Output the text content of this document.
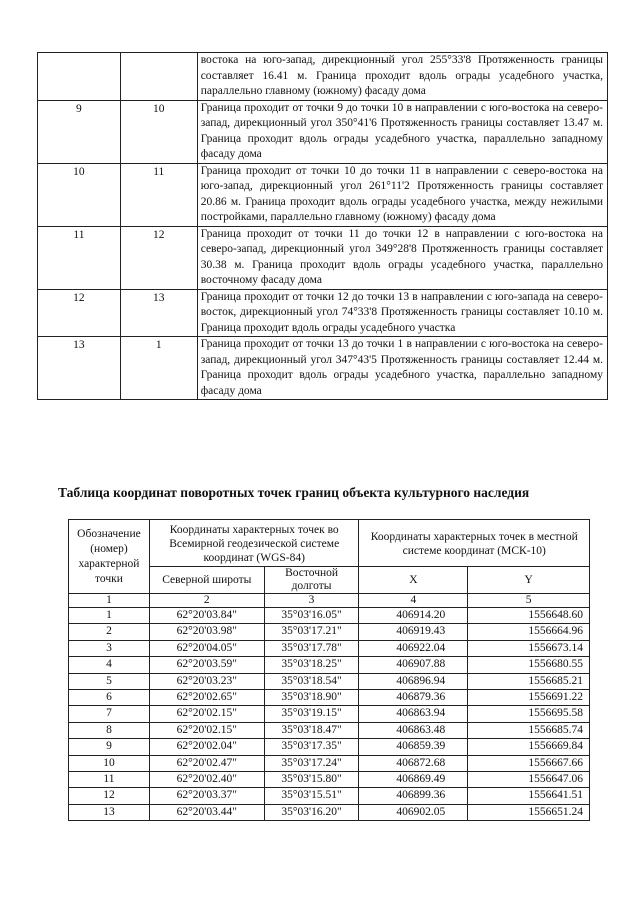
		востока на юго-запад, дирекционный угол 255°33'8 Протяженность границы составляет 16.41 м. Граница проходит вдоль ограды усадебного участка, параллельно главному (южному) фасаду дома
9	10	Граница проходит от точки 9 до точки 10 в направлении с юго-востока на северо-запад, дирекционный угол 350°41'6 Протяженность границы составляет 13.47 м. Граница проходит вдоль ограды усадебного участка, параллельно западному фасаду дома
10	11	Граница проходит от точки 10 до точки 11 в направлении с северо-востока на юго-запад, дирекционный угол 261°11'2 Протяженность границы составляет 20.86 м. Граница проходит вдоль ограды усадебного участка, между нежилыми постройками, параллельно главному (южному) фасаду дома
11	12	Граница проходит от точки 11 до точки 12 в направлении с юго-востока на северо-запад, дирекционный угол 349°28'8 Протяженность границы составляет 30.38 м. Граница проходит вдоль ограды усадебного участка, параллельно восточному фасаду дома
12	13	Граница проходит от точки 12 до точки 13 в направлении с юго-запада на северо-восток, дирекционный угол 74°33'8 Протяженность границы составляет 10.10 м. Граница проходит вдоль ограды усадебного участка
13	1	Граница проходит от точки 13 до точки 1 в направлении с юго-востока на северо-запад, дирекционный угол 347°43'5 Протяженность границы составляет 12.44 м. Граница проходит вдоль ограды усадебного участка, параллельно западному фасаду дома
Таблица координат поворотных точек границ объекта культурного наследия
Обозначение (номер) характерной точки	Координаты характерных точек во Всемирной геодезической системе координат (WGS-84)		Координаты характерных точек в местной системе координат (МСК-10)	
	Северной широты	Восточной долготы	X	Y
1	2	3	4	5
1	62°20'03.84"	35°03'16.05"	406914.20	1556648.60
2	62°20'03.98"	35°03'17.21"	406919.43	1556664.96
3	62°20'04.05"	35°03'17.78"	406922.04	1556673.14
4	62°20'03.59"	35°03'18.25"	406907.88	1556680.55
5	62°20'03.23"	35°03'18.54"	406896.94	1556685.21
6	62°20'02.65"	35°03'18.90"	406879.36	1556691.22
7	62°20'02.15"	35°03'19.15"	406863.94	1556695.58
8	62°20'02.15"	35°03'18.47"	406863.48	1556685.74
9	62°20'02.04"	35°03'17.35"	406859.39	1556669.84
10	62°20'02.47"	35°03'17.24"	406872.68	1556667.66
11	62°20'02.40"	35°03'15.80"	406869.49	1556647.06
12	62°20'03.37"	35°03'15.51"	406899.36	1556641.51
13	62°20'03.44"	35°03'16.20"	406902.05	1556651.24
